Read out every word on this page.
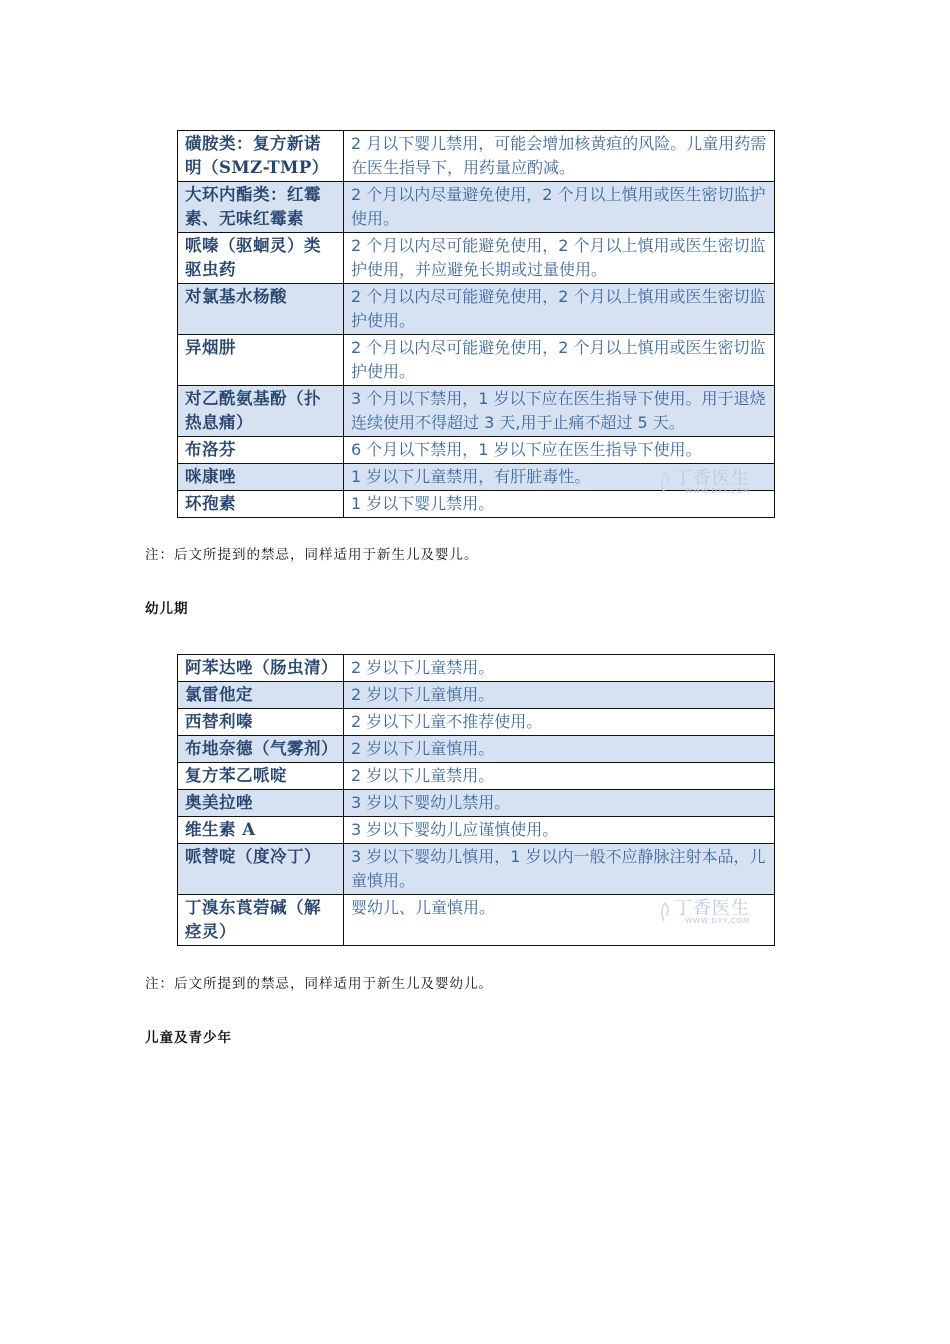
磺胺类：复方新诺明（SMZ-TMP）	2 月以下婴儿禁用，可能会增加核黄疸的风险。儿童用药需在医生指导下，用药量应酌减。
大环内酯类：红霉素、无味红霉素	2 个月以内尽量避免使用，2 个月以上慎用或医生密切监护使用。
哌嗪（驱蛔灵）类驱虫药	2 个月以内尽可能避免使用，2 个月以上慎用或医生密切监护使用，并应避免长期或过量使用。
对氯基水杨酸	2 个月以内尽可能避免使用，2 个月以上慎用或医生密切监护使用。
异烟肼	2 个月以内尽可能避免使用，2 个月以上慎用或医生密切监护使用。
对乙酰氨基酚（扑热息痛）	3 个月以下禁用，1 岁以下应在医生指导下使用。用于退烧连续使用不得超过 3 天,用于止痛不超过 5 天。
布洛芬	6 个月以下禁用，1 岁以下应在医生指导下使用。
咪康唑	1 岁以下儿童禁用，有肝脏毒性。
环孢素	1 岁以下婴儿禁用。
丁香医生
WWW.DXY.COM

注：后文所提到的禁忌，同样适用于新生儿及婴儿。

幼儿期

阿苯达唑（肠虫清）	2 岁以下儿童禁用。
氯雷他定	2 岁以下儿童慎用。
西替利嗪	2 岁以下儿童不推荐使用。
布地奈德（气雾剂）	2 岁以下儿童慎用。
复方苯乙哌啶	2 岁以下儿童禁用。
奥美拉唑	3 岁以下婴幼儿禁用。
维生素 A	3 岁以下婴幼儿应谨慎使用。
哌替啶（度冷丁）	3 岁以下婴幼儿慎用，1 岁以内一般不应静脉注射本品，儿童慎用。
丁溴东莨菪碱（解痉灵）	婴幼儿、儿童慎用。	丁香医生
WWW.DXY.COM

注：后文所提到的禁忌，同样适用于新生儿及婴幼儿。

儿童及青少年
